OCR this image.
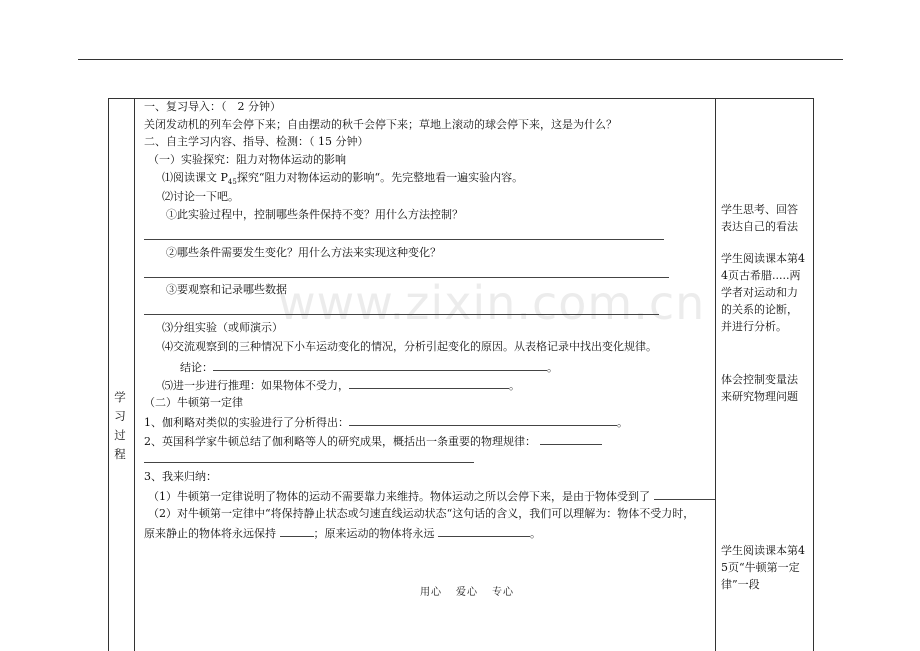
www.zixin.com.cn
学
习
过
程
一、复习导入：（　2 分钟）
关闭发动机的列车会停下来；自由摆动的秋千会停下来；草地上滚动的球会停下来，这是为什么？
二、自主学习内容、指导、检测：（ 15 分钟）
（一）实验探究：阻力对物体运动的影响
⑴阅读课文 $P_{45}$探究“阻力对物体运动的影响“。先完整地看一遍实验内容。
⑵讨论一下吧。
①此实验过程中，控制哪些条件保持不变？用什么方法控制？
②哪些条件需要发生变化？用什么方法来实现这种变化？
③要观察和记录哪些数据
⑶分组实验（或师演示）
⑷交流观察到的三种情况下小车运动变化的情况，分析引起变化的原因。从表格记录中找出变化规律。
结论：	。
⑸进一步进行推理：如果物体不受力，	。
（二）牛顿第一定律
1、伽利略对类似的实验进行了分析得出：	。
2、英国科学家牛顿总结了伽利略等人的研究成果，概括出一条重要的物理规律：
3、我来归纳：
（1）牛顿第一定律说明了物体的运动不需要靠力来维持。物体运动之所以会停下来，是由于物体受到了
（2）对牛顿第一定律中“将保持静止状态或匀速直线运动状态“这句话的含义，我们可以理解为：物体不受力时，
原来静止的物体将永远保持	；原来运动的物体将永远	。
学生思考、回答表达自己的看法
学生阅读课本第44页古希腊.....两学者对运动和力的关系的论断，并进行分析。
体会控制变量法来研究物理问题
学生阅读课本第45页“牛顿第一定律”一段
用心 爱心 专心
